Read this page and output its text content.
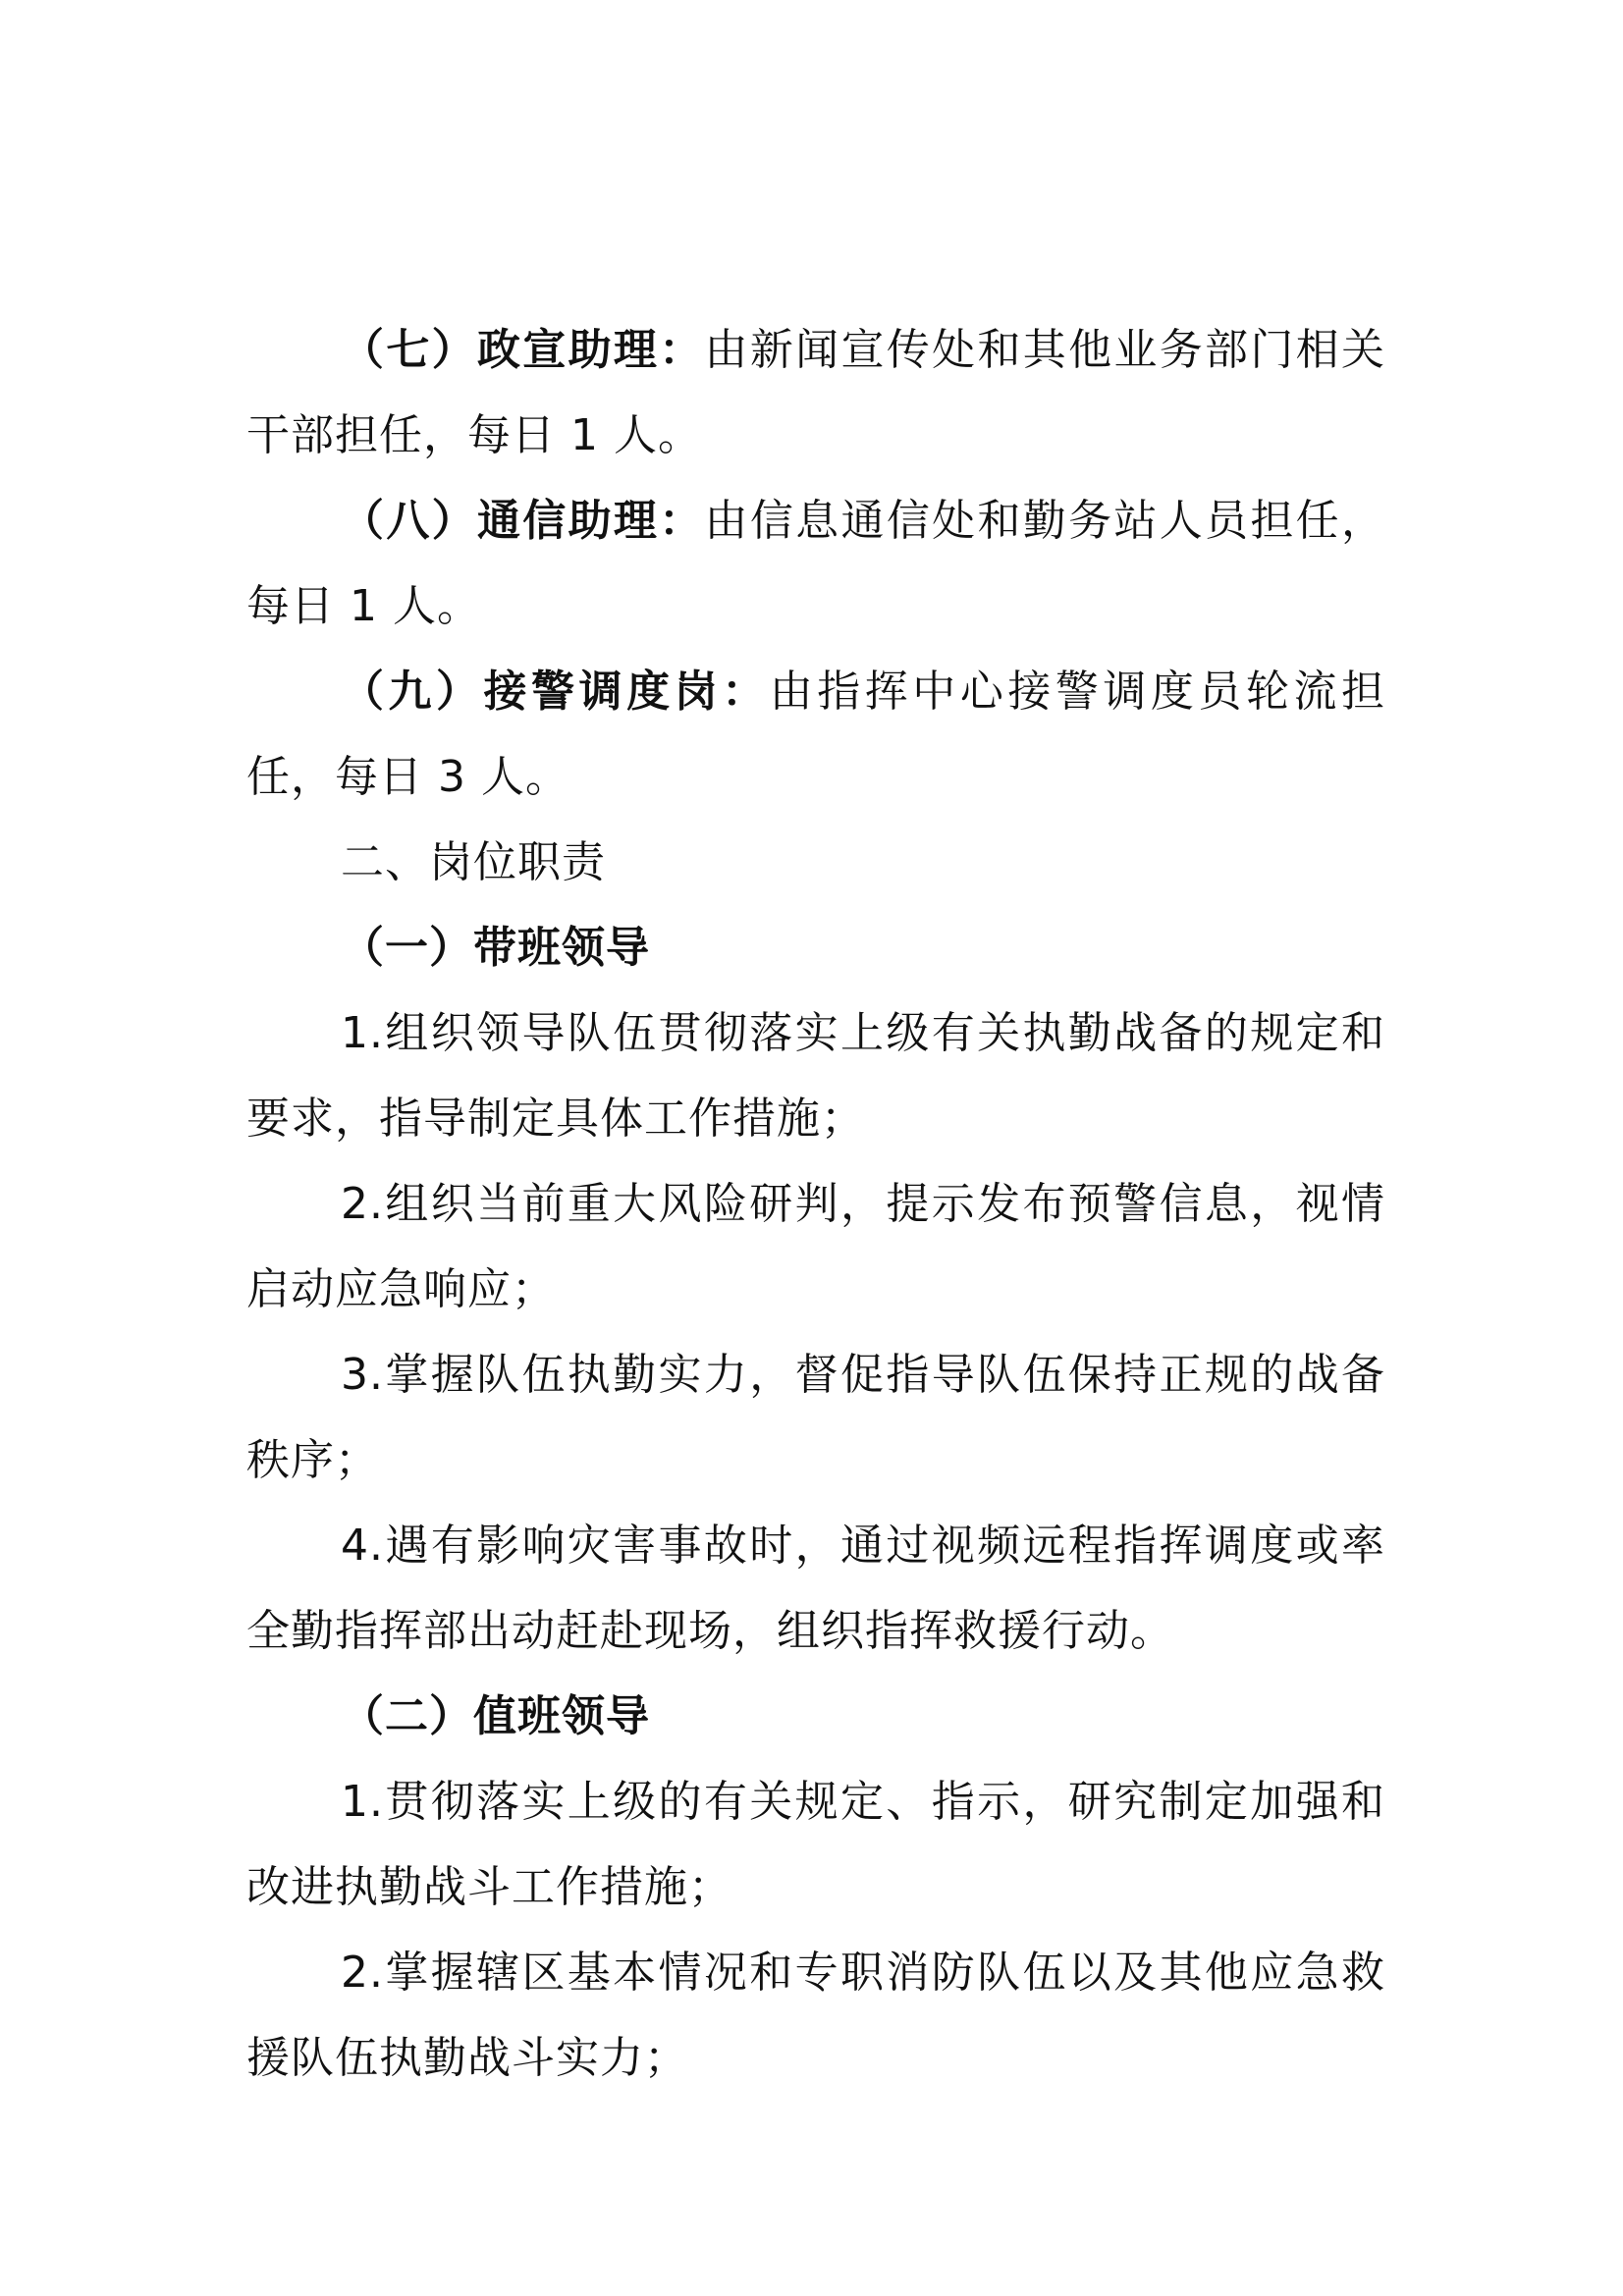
（七）政宣助理：由新闻宣传处和其他业务部门相关干部担任，每日 1 人。

（八）通信助理：由信息通信处和勤务站人员担任，每日 1 人。

（九）接警调度岗：由指挥中心接警调度员轮流担任，每日 3 人。

二、岗位职责

（一）带班领导

1.组织领导队伍贯彻落实上级有关执勤战备的规定和要求，指导制定具体工作措施；

2.组织当前重大风险研判，提示发布预警信息，视情启动应急响应；

3.掌握队伍执勤实力，督促指导队伍保持正规的战备秩序；

4.遇有影响灾害事故时，通过视频远程指挥调度或率全勤指挥部出动赶赴现场，组织指挥救援行动。

（二）值班领导

1.贯彻落实上级的有关规定、指示，研究制定加强和改进执勤战斗工作措施；

2.掌握辖区基本情况和专职消防队伍以及其他应急救援队伍执勤战斗实力；
